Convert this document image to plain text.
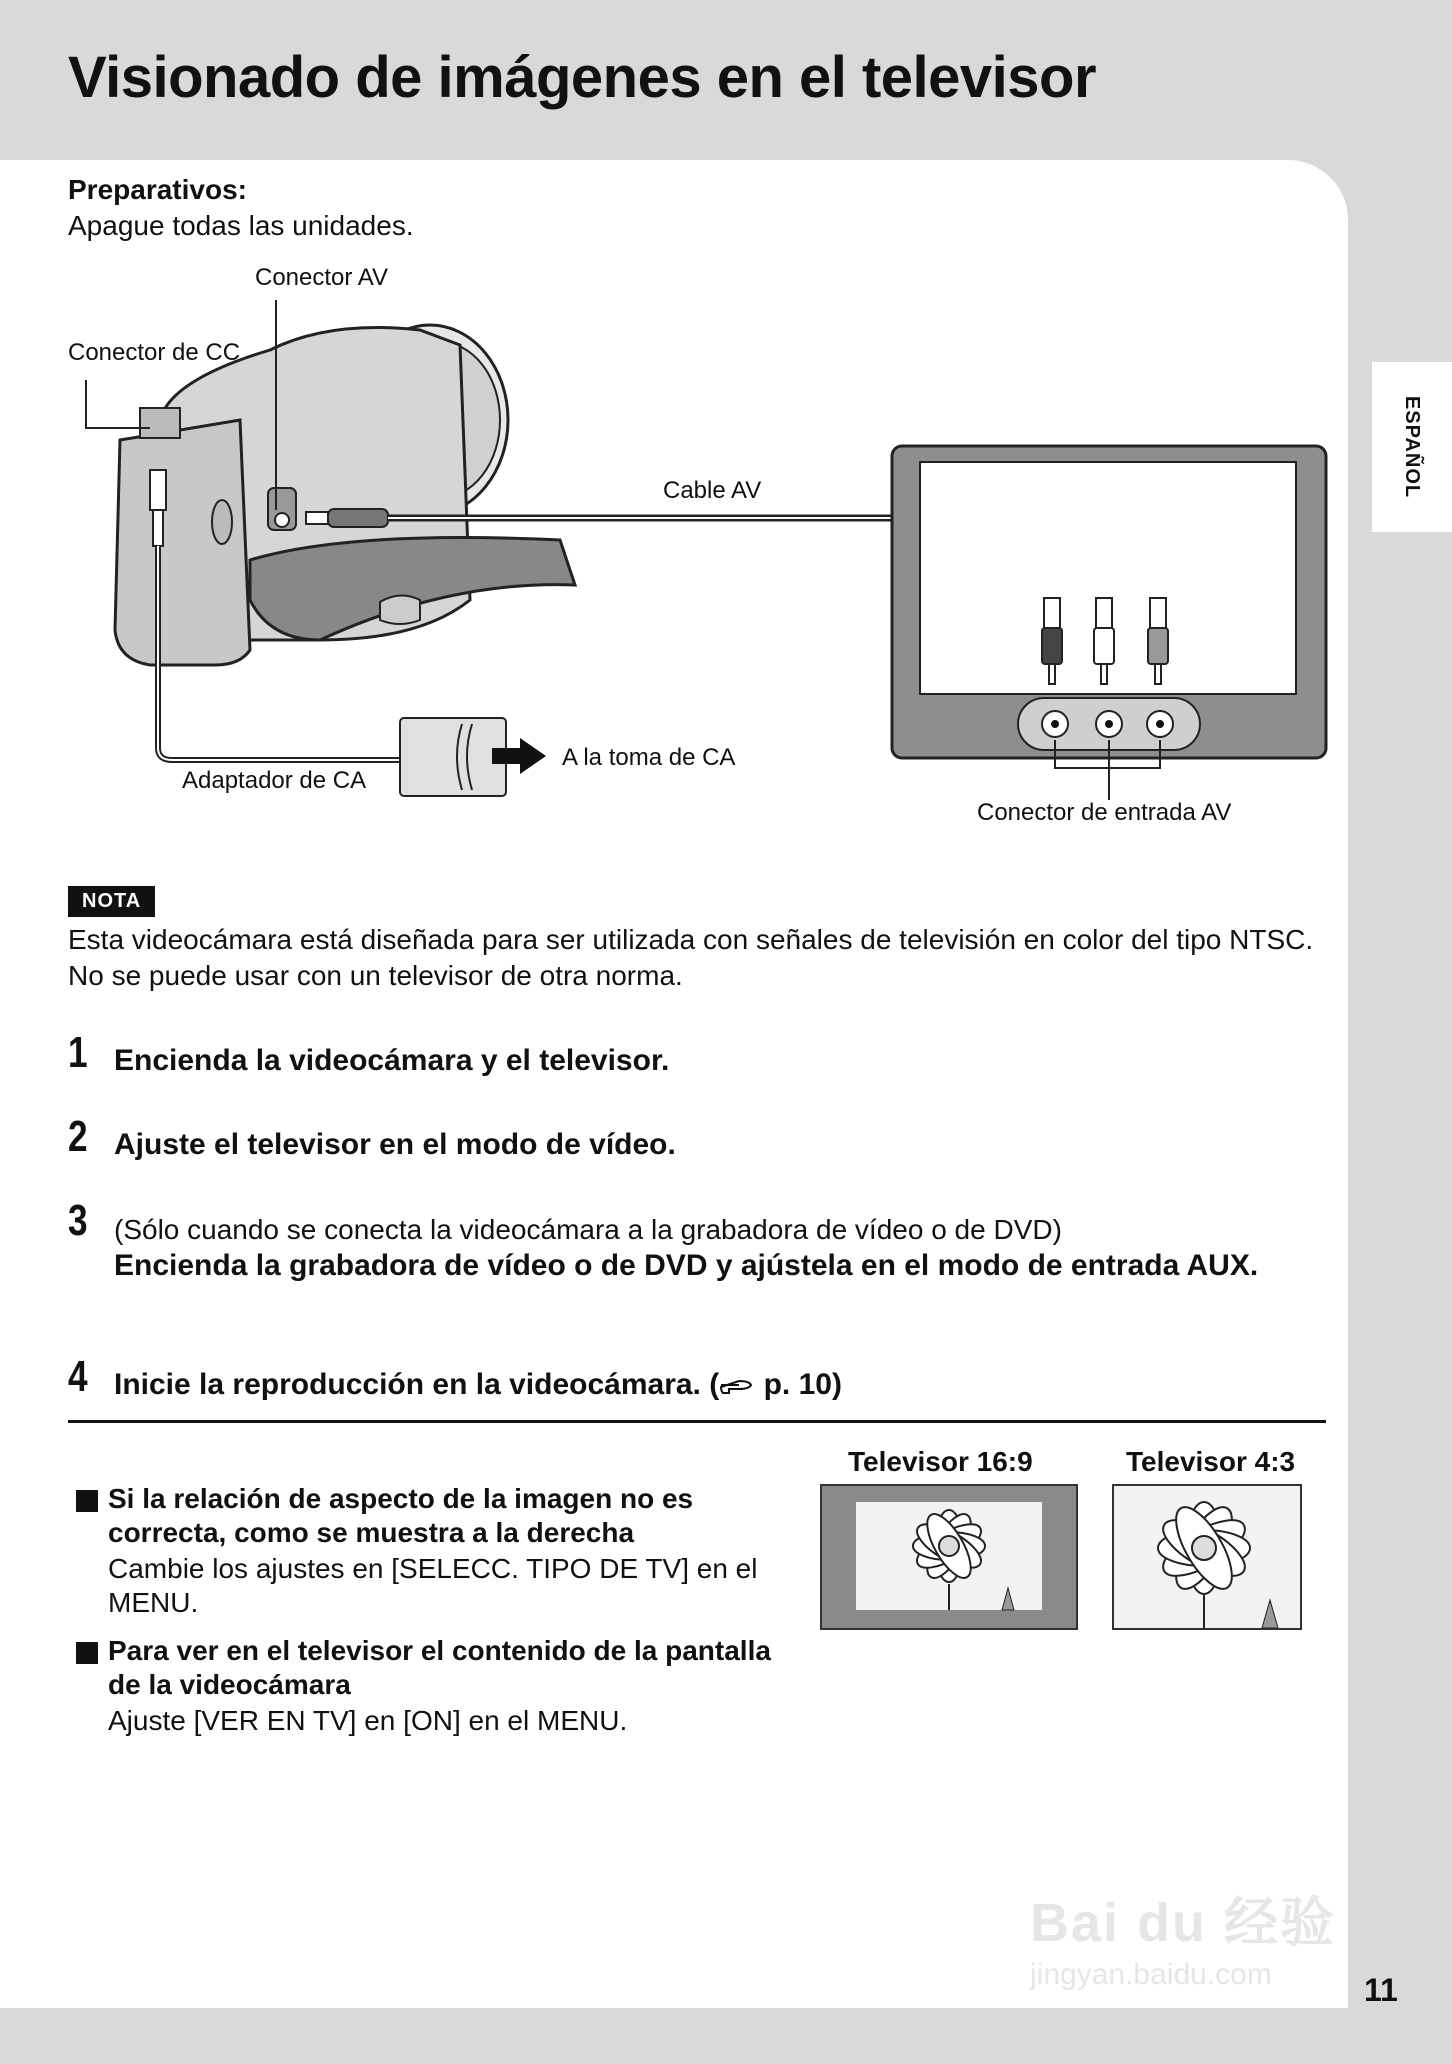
Visionado de imágenes en el televisor
ESPAÑOL
Preparativos:
Apague todas las unidades.
Conector AV
Conector de CC
Cable AV
Adaptador de CA
A la toma de CA
Conector de entrada AV
NOTA
Esta videocámara está diseñada para ser utilizada con señales de televisión en color del tipo NTSC. No se puede usar con un televisor de otra norma.
1 Encienda la videocámara y el televisor.
2 Ajuste el televisor en el modo de vídeo.
3 (Sólo cuando se conecta la videocámara a la grabadora de vídeo o de DVD)
Encienda la grabadora de vídeo o de DVD y ajústela en el modo de entrada AUX.
4 Inicie la reproducción en la videocámara. ( p. 10)
Si la relación de aspecto de la imagen no es correcta, como se muestra a la derecha
Cambie los ajustes en [SELECC. TIPO DE TV] en el MENU.
Para ver en el televisor el contenido de la pantalla de la videocámara
Ajuste [VER EN TV] en [ON] en el MENU.
Televisor 16:9	Televisor 4:3
Bai du 经验
jingyan.baidu.com	11
